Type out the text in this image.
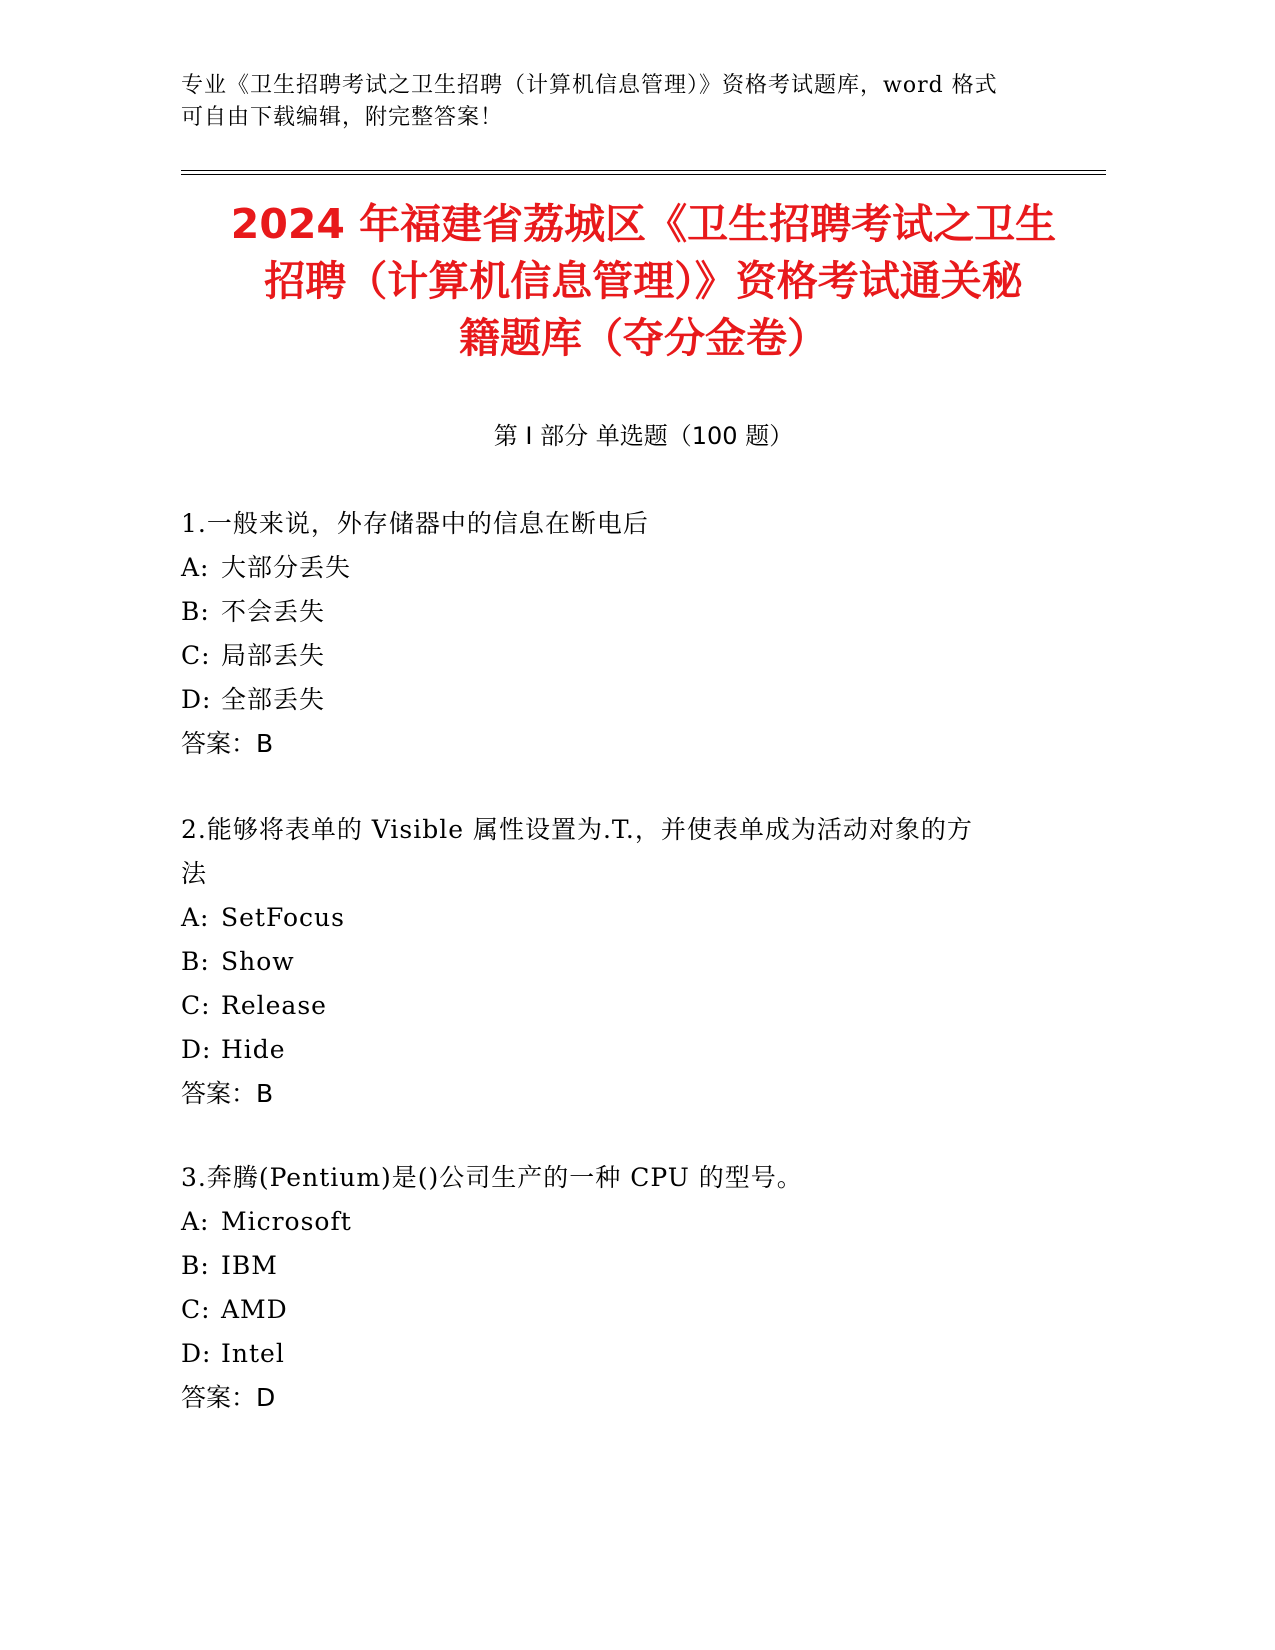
专业《卫生招聘考试之卫生招聘（计算机信息管理）》资格考试题库，word 格式
可自由下载编辑，附完整答案！
2024 年福建省荔城区《卫生招聘考试之卫生
招聘（计算机信息管理）》资格考试通关秘
籍题库（夺分金卷）
第 I 部分 单选题（100 题）
1.一般来说，外存储器中的信息在断电后
A: 大部分丢失
B: 不会丢失
C: 局部丢失
D: 全部丢失
答案：B
2.能够将表单的 Visible 属性设置为.T.，并使表单成为活动对象的方
法
A: SetFocus
B: Show
C: Release
D: Hide
答案：B
3.奔腾(Pentium)是()公司生产的一种 CPU 的型号。
A: Microsoft
B: IBM
C: AMD
D: Intel
答案：D
